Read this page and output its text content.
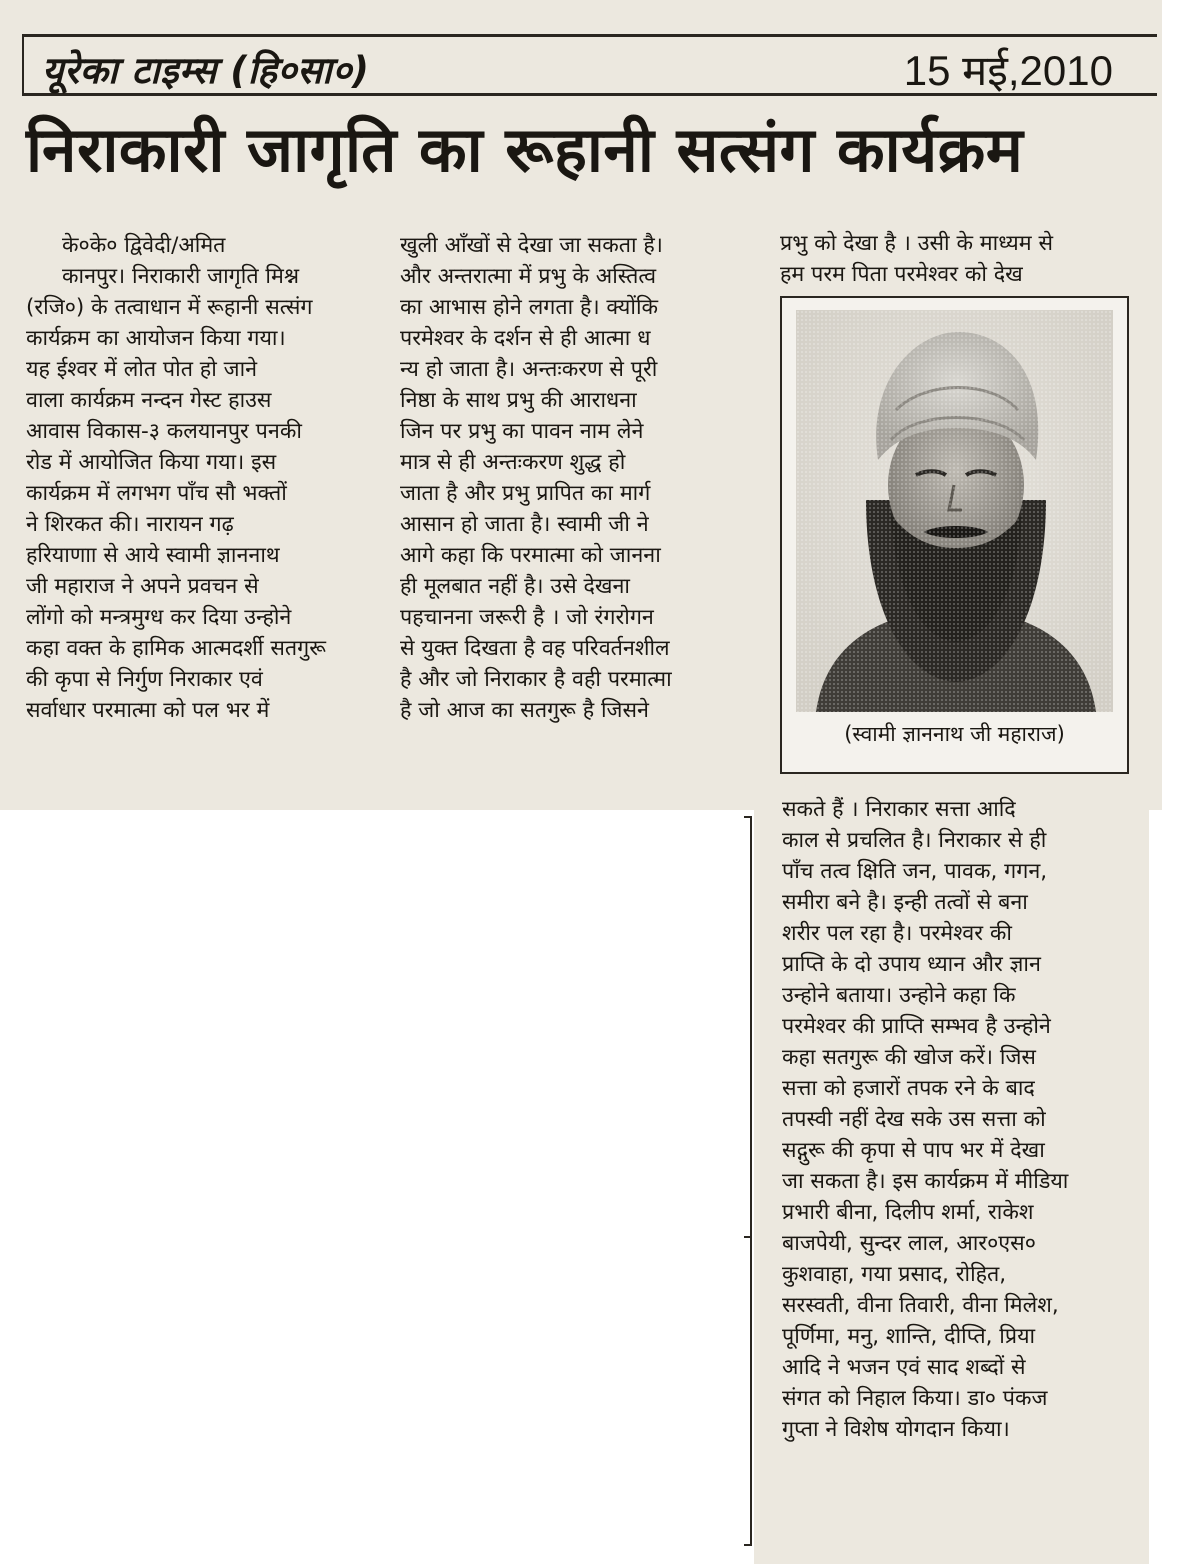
यूरेका टाइम्स (हि०सा०)	15 मई,2010
निराकारी जागृति का रूहानी सत्संग कार्यक्रम
के०के० द्विवेदी/अमित
कानपुर। निराकारी जागृति मिश्न
(रजि०) के तत्वाधान में रूहानी सत्संग
कार्यक्रम का आयोजन किया गया।
यह ईश्वर में लोत पोत हो जाने
वाला कार्यक्रम नन्दन गेस्ट हाउस
आवास विकास-३ कलयानपुर पनकी
रोड में आयोजित किया गया। इस
कार्यक्रम में लगभग पाँच सौ भक्तों
ने शिरकत की। नारायन गढ़
हरियाणाा से आये स्वामी ज्ञाननाथ
जी महाराज ने अपने प्रवचन से
लोंगो को मन्त्रमुग्ध कर दिया उन्होने
कहा वक्त के हामिक आत्मदर्शी सतगुरू
की कृपा से निर्गुण निराकार एवं
सर्वाधार परमात्मा को पल भर में
खुली आँखों से देखा जा सकता है।
और अन्तरात्मा में प्रभु के अस्तित्व
का आभास होने लगता है। क्योंकि
परमेश्वर के दर्शन से ही आत्मा ध
न्य हो जाता है। अन्तःकरण से पूरी
निष्ठा के साथ प्रभु की आराधना
जिन पर प्रभु का पावन नाम लेने
मात्र से ही अन्तःकरण शुद्ध हो
जाता है और प्रभु प्रापित का मार्ग
आसान हो जाता है। स्वामी जी ने
आगे कहा कि परमात्मा को जानना
ही मूलबात नहीं है। उसे देखना
पहचानना जरूरी है । जो रंगरोगन
से युक्त दिखता है वह परिवर्तनशील
है और जो निराकार है वही परमात्मा
है जो आज का सतगुरू है जिसने
प्रभु को देखा है । उसी के माध्यम से
हम परम पिता परमेश्वर को देख
(स्वामी ज्ञाननाथ जी महाराज)
सकते हैं । निराकार सत्ता आदि
काल से प्रचलित है। निराकार से ही
पाँच तत्व क्षिति जन, पावक, गगन,
समीरा बने है। इन्ही तत्वों से बना
शरीर पल रहा है। परमेश्वर की
प्राप्ति के दो उपाय ध्यान और ज्ञान
उन्होने बताया। उन्होने कहा कि
परमेश्वर की प्राप्ति सम्भव है उन्होने
कहा सतगुरू की खोज करें। जिस
सत्ता को हजारों तपक रने के बाद
तपस्वी नहीं देख सके उस सत्ता को
सद्गुरू की कृपा से पाप भर में देखा
जा सकता है। इस कार्यक्रम में मीडिया
प्रभारी बीना, दिलीप शर्मा, राकेश
बाजपेयी, सुन्दर लाल, आर०एस०
कुशवाहा, गया प्रसाद, रोहित,
सरस्वती, वीना तिवारी, वीना मिलेश,
पूर्णिमा, मनु, शान्ति, दीप्ति, प्रिया
आदि ने भजन एवं साद शब्दों से
संगत को निहाल किया। डा० पंकज
गुप्ता ने विशेष योगदान किया।
